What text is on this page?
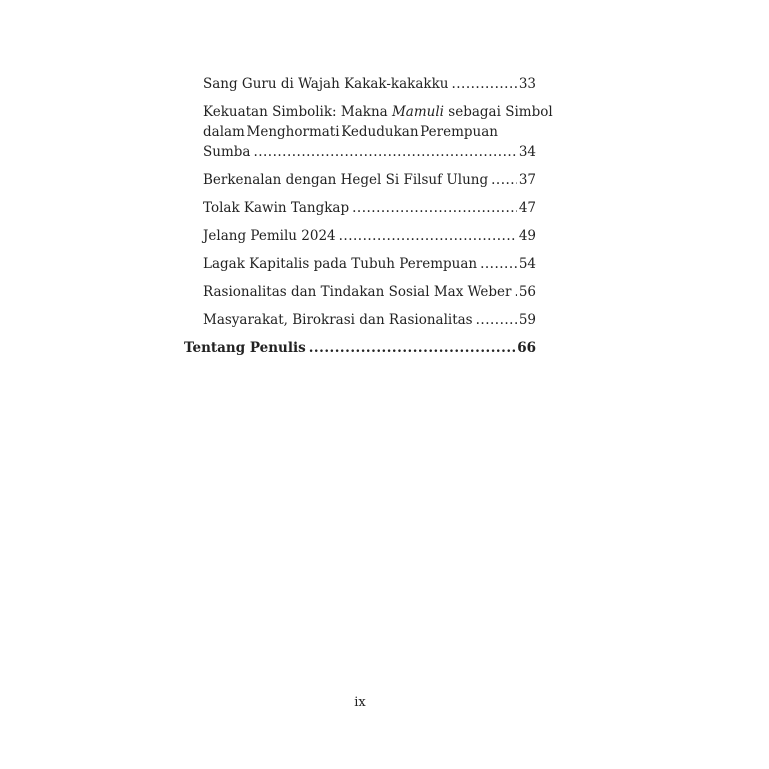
Sang Guru di Wajah Kakak-kakakku .....	33
Kekuatan Simbolik: Makna Mamuli sebagai Simbol
dalam Menghormati Kedudukan Perempuan
Sumba .....	34
Berkenalan dengan Hegel Si Filsuf Ulung ..... 37
Tolak Kawin Tangkap .....	47
Jelang Pemilu 2024 .....	49
Lagak Kapitalis pada Tubuh Perempuan .....	54
Rasionalitas dan Tindakan Sosial Max Weber ..... 56
Masyarakat, Birokrasi dan Rasionalitas .....	59
Tentang Penulis .....	66
ix
